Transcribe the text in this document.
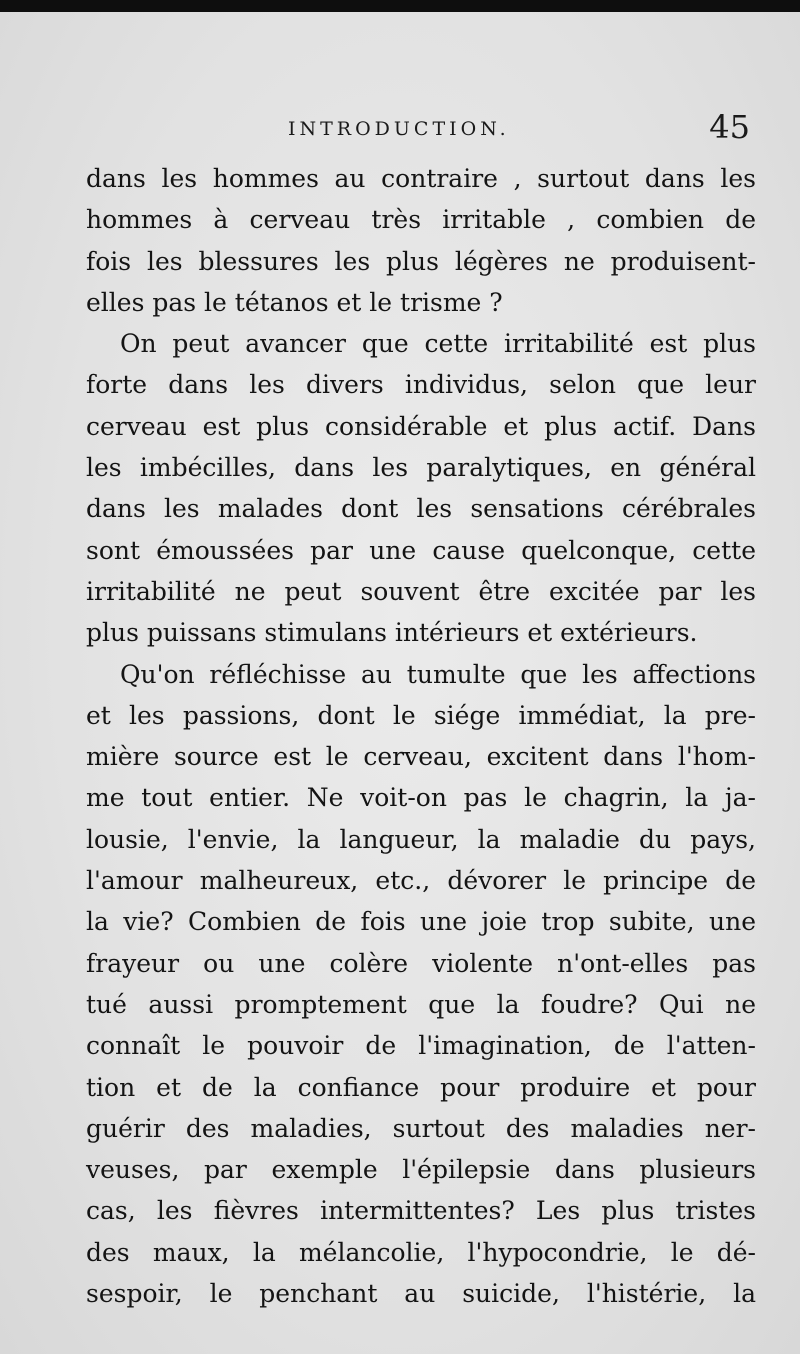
INTRODUCTION.	45
dans les hommes au contraire , surtout dans les
hommes à cerveau très irritable , combien de
fois les blessures les plus légères ne produisent-
elles pas le tétanos et le trisme ?
On peut avancer que cette irritabilité est plus
forte dans les divers individus, selon que leur
cerveau est plus considérable et plus actif. Dans
les imbécilles, dans les paralytiques, en général
dans les malades dont les sensations cérébrales
sont émoussées par une cause quelconque, cette
irritabilité ne peut souvent être excitée par les
plus puissans stimulans intérieurs et extérieurs.
Qu'on réfléchisse au tumulte que les affections
et les passions, dont le siége immédiat, la pre-
mière source est le cerveau, excitent dans l'hom-
me tout entier. Ne voit-on pas le chagrin, la ja-
lousie, l'envie, la langueur, la maladie du pays,
l'amour malheureux, etc., dévorer le principe de
la vie? Combien de fois une joie trop subite, une
frayeur ou une colère violente n'ont-elles pas
tué aussi promptement que la foudre? Qui ne
connaît le pouvoir de l'imagination, de l'atten-
tion et de la confiance pour produire et pour
guérir des maladies, surtout des maladies ner-
veuses, par exemple l'épilepsie dans plusieurs
cas, les fièvres intermittentes? Les plus tristes
des maux, la mélancolie, l'hypocondrie, le dé-
sespoir, le penchant au suicide, l'histérie, la
